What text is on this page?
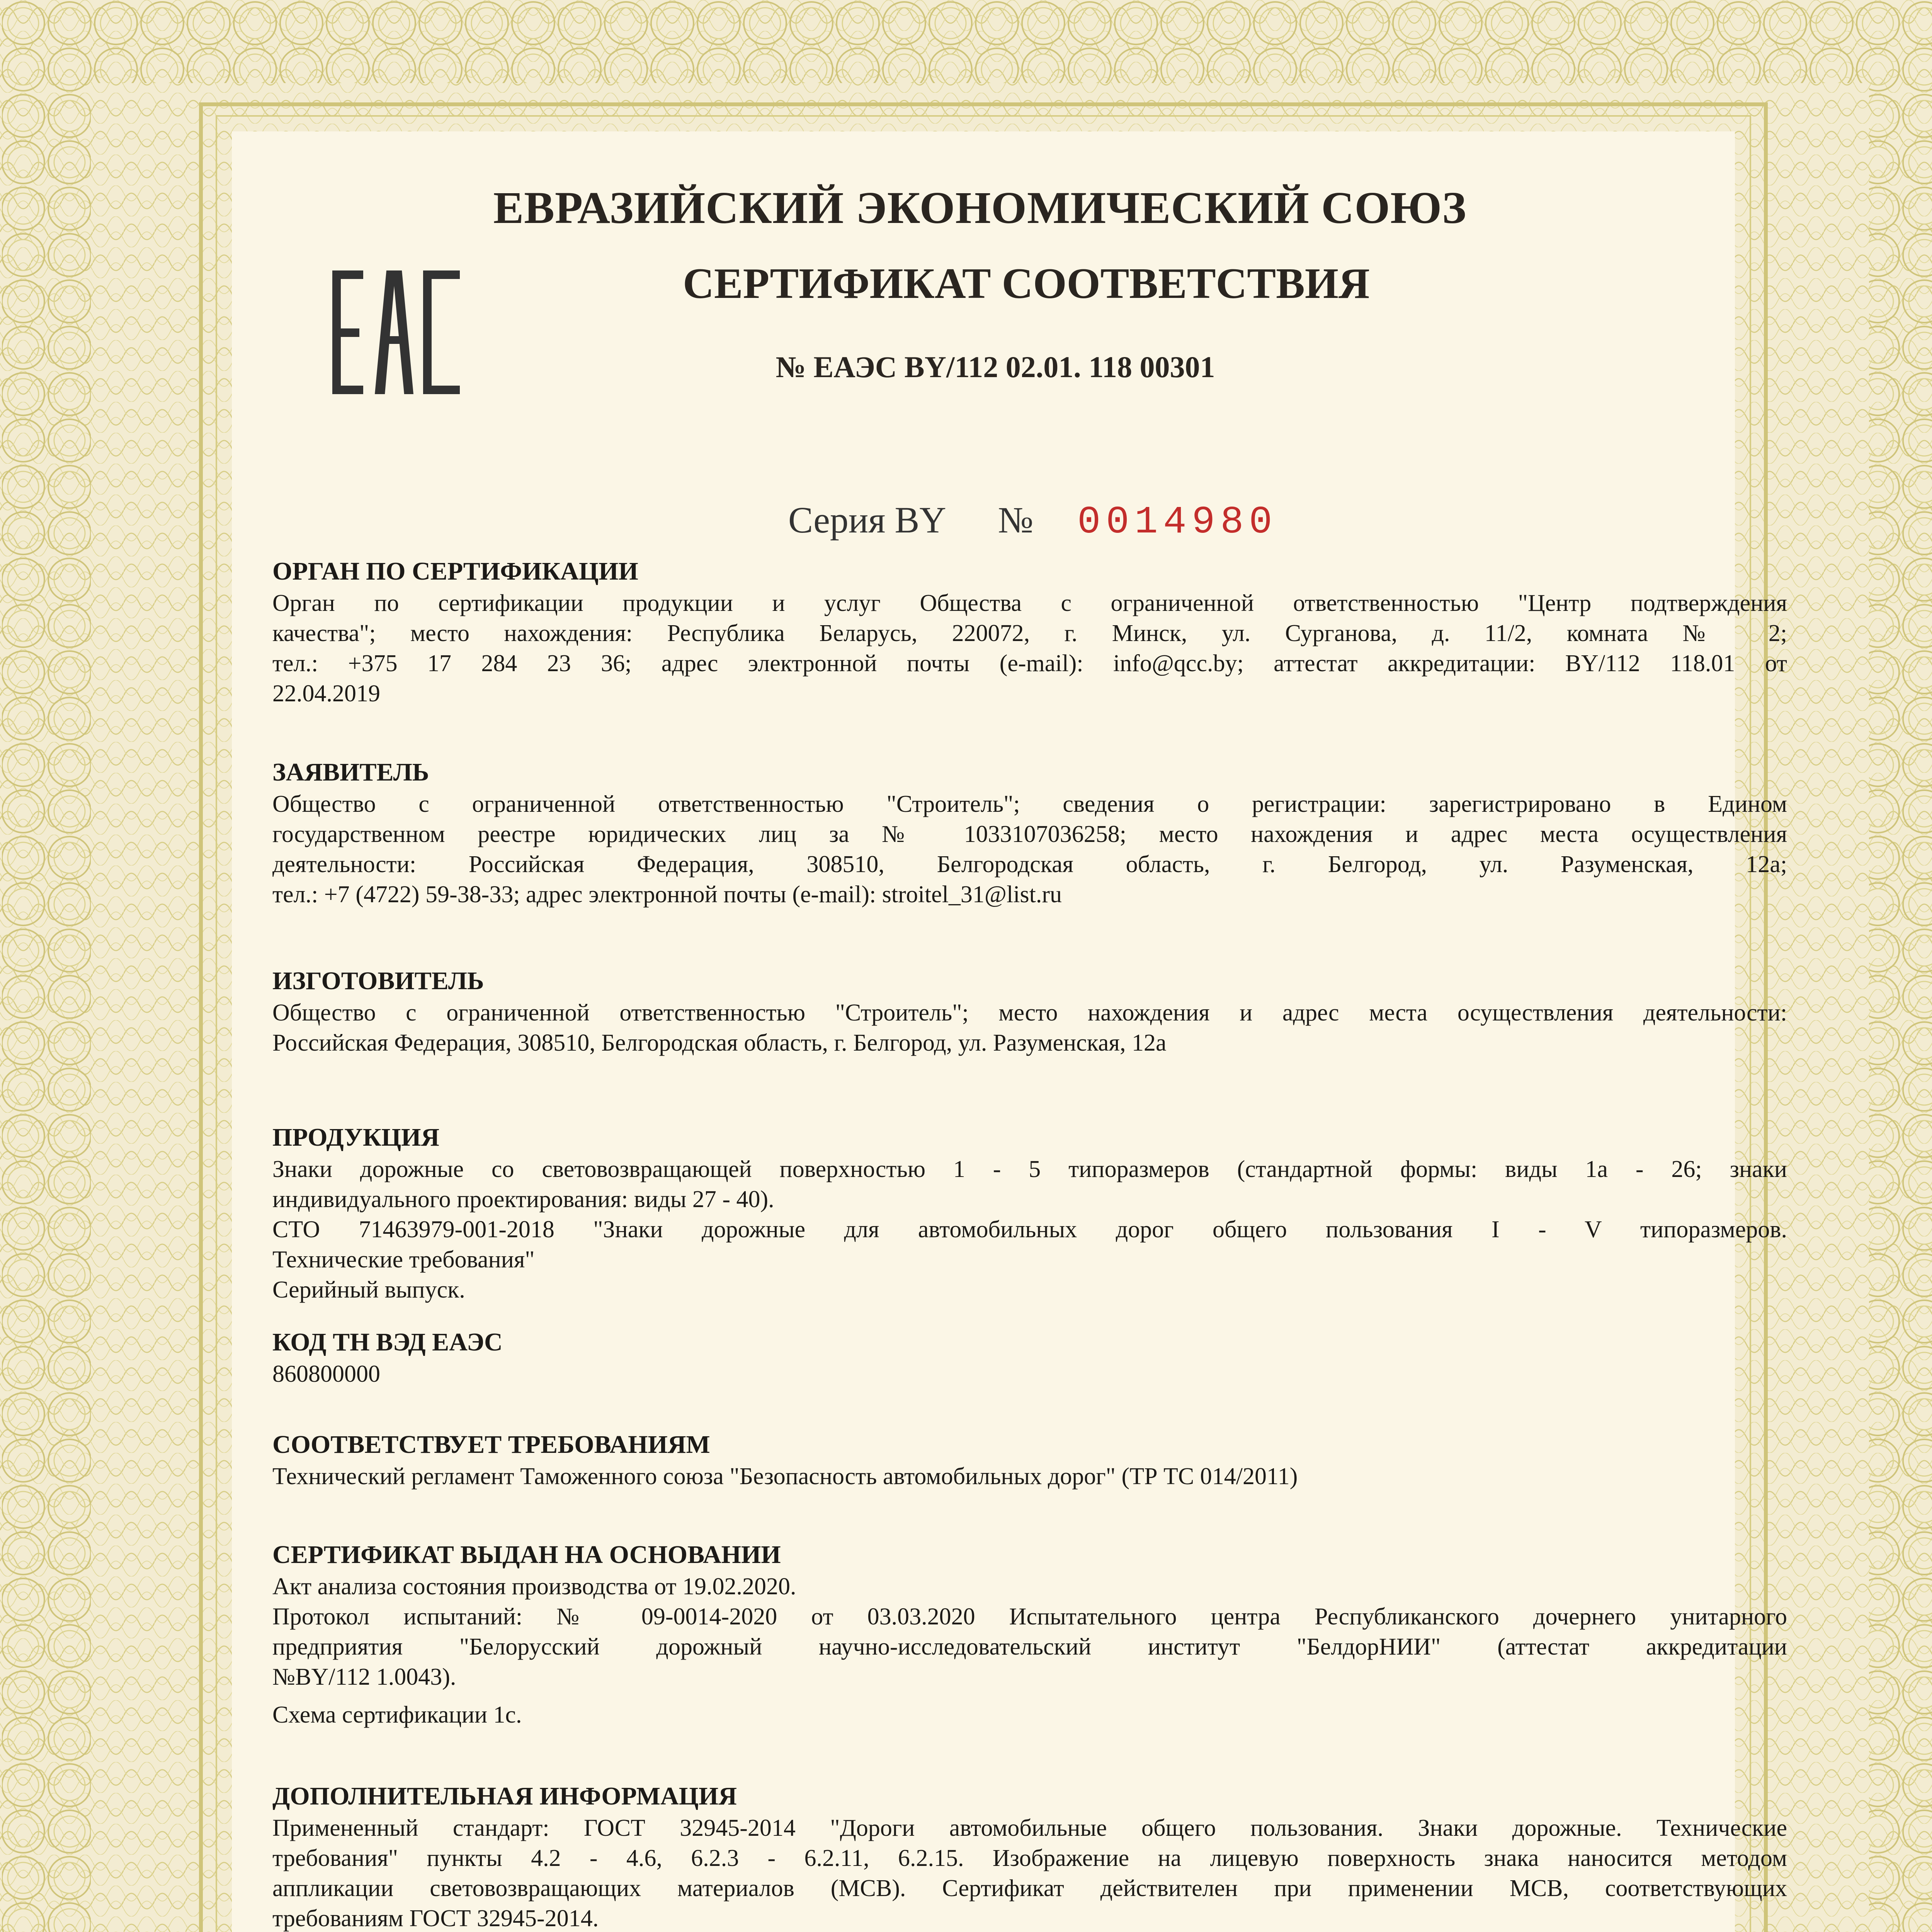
ЕВРАЗИЙСКИЙ ЭКОНОМИЧЕСКИЙ СОЮЗ
СЕРТИФИКАТ СООТВЕТСТВИЯ
№ ЕАЭС BY/112 02.01. 118 00301
Серия BY № 0014980
ОРГАН ПО СЕРТИФИКАЦИИ
Орган по сертификации продукции и услуг Общества с ограниченной ответственностью "Центр подтверждения
качества"; место нахождения: Республика Беларусь, 220072, г. Минск, ул. Сурганова, д. 11/2, комната № 2;
тел.: +375 17 284 23 36; адрес электронной почты (e-mail): info@qcc.by; аттестат аккредитации: BY/112 118.01 от
22.04.2019
ЗАЯВИТЕЛЬ
Общество с ограниченной ответственностью "Строитель"; сведения о регистрации: зарегистрировано в Едином
государственном реестре юридических лиц за № 1033107036258; место нахождения и адрес места осуществления
деятельности: Российская Федерация, 308510, Белгородская область, г. Белгород, ул. Разуменская, 12а;
тел.: +7 (4722) 59-38-33; адрес электронной почты (e-mail): stroitel_31@list.ru
ИЗГОТОВИТЕЛЬ
Общество с ограниченной ответственностью "Строитель"; место нахождения и адрес места осуществления деятельности:
Российская Федерация, 308510, Белгородская область, г. Белгород, ул. Разуменская, 12а
ПРОДУКЦИЯ
Знаки дорожные со световозвращающей поверхностью 1 - 5 типоразмеров (стандартной формы: виды 1а - 26; знаки
индивидуального проектирования: виды 27 - 40).
СТО 71463979-001-2018 "Знаки дорожные для автомобильных дорог общего пользования I - V типоразмеров.
Технические требования"
Серийный выпуск.
КОД ТН ВЭД ЕАЭС
860800000
СООТВЕТСТВУЕТ ТРЕБОВАНИЯМ
Технический регламент Таможенного союза "Безопасность автомобильных дорог" (ТР ТС 014/2011)
СЕРТИФИКАТ ВЫДАН НА ОСНОВАНИИ
Акт анализа состояния производства от 19.02.2020.
Протокол испытаний: № 09-0014-2020 от 03.03.2020 Испытательного центра Республиканского дочернего унитарного
предприятия "Белорусский дорожный научно-исследовательский институт "БелдорНИИ" (аттестат аккредитации
№BY/112 1.0043).
Схема сертификации 1с.
ДОПОЛНИТЕЛЬНАЯ ИНФОРМАЦИЯ
Примененный стандарт: ГОСТ 32945-2014 "Дороги автомобильные общего пользования. Знаки дорожные. Технические
требования" пункты 4.2 - 4.6, 6.2.3 - 6.2.11, 6.2.15. Изображение на лицевую поверхность знака наносится методом
аппликации световозвращающих материалов (МСВ). Сертификат действителен при применении МСВ, соответствующих
требованиям ГОСТ 32945-2014.
